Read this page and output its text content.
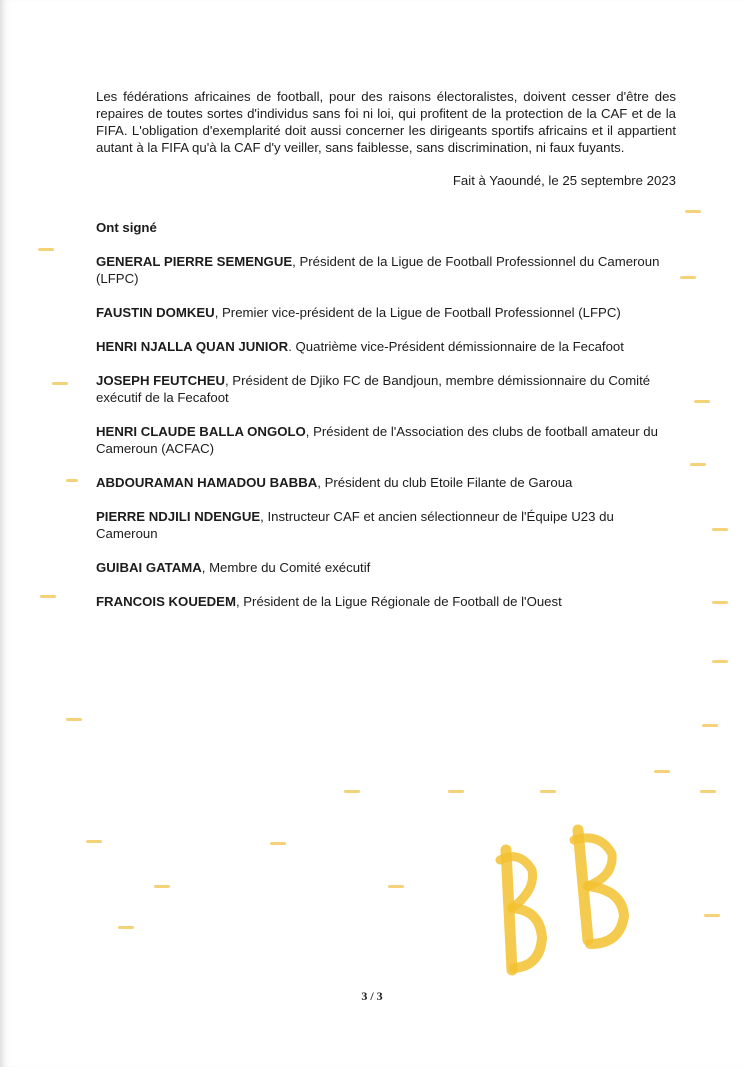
Les fédérations africaines de football, pour des raisons électoralistes, doivent cesser d'être des repaires de toutes sortes d'individus sans foi ni loi, qui profitent de la protection de la CAF et de la FIFA. L'obligation d'exemplarité doit aussi concerner les dirigeants sportifs africains et il appartient autant à la FIFA qu'à la CAF d'y veiller, sans faiblesse, sans discrimination, ni faux fuyants.

Fait à Yaoundé, le 25 septembre 2023
Ont signé

GENERAL PIERRE SEMENGUE, Président de la Ligue de Football Professionnel du Cameroun (LFPC)

FAUSTIN DOMKEU, Premier vice-président de la Ligue de Football Professionnel (LFPC)

HENRI NJALLA QUAN JUNIOR. Quatrième vice-Président démissionnaire de la Fecafoot

JOSEPH FEUTCHEU, Président de Djiko FC de Bandjoun, membre démissionnaire du Comité exécutif de la Fecafoot

HENRI CLAUDE BALLA ONGOLO, Président de l'Association des clubs de football amateur du Cameroun (ACFAC)

ABDOURAMAN HAMADOU BABBA, Président du club Etoile Filante de Garoua

PIERRE NDJILI NDENGUE, Instructeur CAF et ancien sélectionneur de l'Équipe U23 du Cameroun

GUIBAI GATAMA, Membre du Comité exécutif

FRANCOIS KOUEDEM, Président de la Ligue Régionale de Football de l'Ouest

3 / 3
